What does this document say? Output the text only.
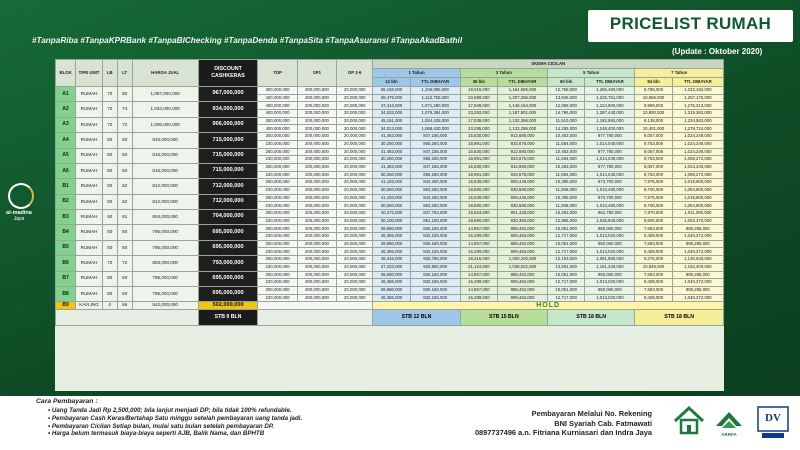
#TanpaRiba #TanpaKPRBank #TanpaBIChecking #TanpaDenda #TanpaSita #TanpaAsuransi #TanpaAkadBathil
PRICELIST RUMAH
(Update : Oktober 2020)
al-madina
Jaya
BLOK	TIPE UNIT	LB	LT	HARGA JUAL	DISCOUNT CASHKERAS	TDP	SP1	DP 2-6	SKEMA CICILAN							
									1 Tahun		3 Tahun		5 Tahun		7 Tahun	
									12 bln	TTL DIBAYAR	36 bln	TTL DIBAYAR	60 bln	TTL DIBAYAR	84 bln	TTL DIBAYAR
A1	RUMAH	70	80	1,067,000,000	967,000,000	300,000,000	200,000,000	20,000,000	55,158,000	1,106,895,000	19,016,000	1,164,585,000	12,758,000	1,265,480,000	9,786,000	1,222,192,000
						400,000,000	200,000,000	20,000,000	39,479,000	1,113,750,000	23,699,000	1,207,266,000	13,946,000	1,226,761,000	10,966,000	1,257,175,000
A2	RUMAH	70	74	1,034,000,000	934,000,000	400,000,000	200,000,000	20,000,000	47,413,000	1,071,280,000	17,949,000	1,146,164,000	12,058,000	1,224,900,000	9,986,000	1,276,313,000
						400,000,000	200,000,000	20,000,000	34,533,000	1,079,384,000	23,292,000	1,187,901,000	14,796,000	1,287,440,000	10,900,000	1,319,383,000
A3	RUMAH	70	72	1,006,000,000	906,000,000	300,000,000	200,000,000	20,000,000	45,191,000	1,054,428,000	17,038,000	1,132,366,000	11,510,000	1,182,592,000	9,138,000	1,234,582,000
						400,000,000	200,000,000	20,000,000	34,013,000	1,068,420,000	23,295,000	1,133,286,000	14,285,000	1,248,400,000	10,401,000	1,278,724,000
A4	RUMAH	50	60	815,000,000	715,000,000	250,000,000	200,000,000	20,000,000	41,463,000	847,156,000	15,630,000	912,680,000	10,463,000	977,780,000	8,057,000	1,024,248,000
						230,000,000	200,000,000	20,000,000	30,260,000	856,260,000	18,991,000	933,676,000	11,584,000	1,014,040,000	9,753,000	1,024,248,000
A5	RUMAH	50	60	815,000,000	715,000,000	250,000,000	200,000,000	20,000,000	41,463,000	847,156,000	15,630,000	912,680,000	10,463,000	977,780,000	8,057,000	1,024,248,000
						230,000,000	200,000,000	20,000,000	30,260,000	856,260,000	18,991,000	933,676,000	11,584,000	1,014,040,000	9,753,000	1,069,272,000
A6	RUMAH	50	60	815,000,000	715,000,000	250,000,000	200,000,000	20,000,000	41,463,000	847,156,000	15,630,000	912,680,000	10,463,000	977,780,000	8,057,000	1,024,248,000
						230,000,000	200,000,000	20,000,000	30,260,000	856,260,000	18,991,000	933,676,000	11,584,000	1,014,040,000	9,753,000	1,069,272,000
B1	RUMAH	50	62	812,000,000	712,000,000	250,000,000	200,000,000	20,000,000	41,193,000	844,260,000	15,539,000	909,446,000	10,395,000	973,700,000	7,975,000	1,019,900,000
						230,000,000	200,000,000	20,000,000	30,060,000	853,260,000	18,880,000	930,680,000	11,508,000	1,010,480,000	9,700,000	1,064,800,000
B2	RUMAH	50	62	812,000,000	712,000,000	250,000,000	200,000,000	20,000,000	41,193,000	844,260,000	15,539,000	909,446,000	10,395,000	973,700,000	7,975,000	1,019,900,000
						230,000,000	200,000,000	20,000,000	30,060,000	853,260,000	18,880,000	930,680,000	11,508,000	1,010,480,000	9,700,000	1,064,800,000
B3	RUMAH	50	61	804,000,000	704,000,000	250,000,000	200,000,000	20,000,000	40,472,000	837,784,000	15,623,000	901,428,000	10,263,000	962,780,000	7,870,000	1,011,080,000
						230,000,000	200,000,000	20,000,000	30,100,000	851,100,000	18,990,000	930,360,000	12,956,000	1,036,940,000	9,600,000	1,053,376,000
B4	RUMAH	50	60	795,000,000	695,000,000	250,000,000	200,000,000	20,000,000	39,680,000	826,160,000	14,957,000	888,452,000	10,051,000	950,060,000	7,683,000	995,286,000
						230,000,000	200,000,000	20,000,000	46,386,000	833,155,000	16,299,000	909,484,000	12,717,000	1,013,020,000	9,408,000	1,040,272,000
B5	RUMAH	50	60	795,000,000	695,000,000	250,000,000	200,000,000	20,000,000	39,680,000	826,160,000	14,957,000	888,452,000	10,051,000	950,060,000	7,683,000	995,286,000
						230,000,000	200,000,000	20,000,000	46,386,000	833,155,000	16,299,000	909,484,000	12,717,000	1,013,020,000	9,408,000	1,040,272,000
B6	RUMAH	70	72	893,000,000	793,000,000	250,000,000	200,000,000	20,000,000	48,416,000	930,780,000	18,216,000	1,000,200,000	12,193,000	1,081,980,000	9,376,000	1,130,640,000
						230,000,000	200,000,000	20,000,000	37,233,000	926,960,000	21,124,000	1,038,022,000	13,501,000	1,181,340,000	10,849,000	1,162,400,000
B7	RUMAH	50	60	795,000,000	695,000,000	250,000,000	200,000,000	20,000,000	39,680,000	826,160,000	14,957,000	888,452,000	10,051,000	950,060,000	7,683,000	995,286,000
						230,000,000	200,000,000	20,000,000	46,386,000	833,155,000	16,299,000	909,484,000	12,717,000	1,013,020,000	9,408,000	1,040,272,000
B8	RUMAH	50	60	795,000,000	695,000,000	250,000,000	200,000,000	20,000,000	39,680,000	826,160,000	14,957,000	888,452,000	10,051,000	950,060,000	7,683,000	995,286,000
						230,000,000	200,000,000	20,000,000	46,386,000	833,155,000	16,299,000	909,484,000	12,717,000	1,013,020,000	9,408,000	1,040,272,000
B9	KAVLING	0	66	542,000,000	502,000,000				HOLD							
					STB 9 BLN				STB 12 BLN		STB 15 BLN		STB 18 BLN		STB 18 BLN	
Cara Pembayaran :
• Uang Tanda Jadi Rp 2,500,000; bila lanjut menjadi DP; bila tidak 100% refundable.
• Pembayaran Cash Keras/Bertahap Satu minggu setelah pembayaran uang tanda jadi.
• Pembayaran Cicilan Setiap bulan, mulai satu bulan setelah pembayaran DP.
• Harga belum termasuk biaya-biaya seperti AJB, Balik Nama, dan BPHTB
Pembayaran Melalui No. Rekening
BNI Syariah Cab. Fatmawati
0897737496 a.n. Fitriana Kurniasari dan Indra Jaya	ARRFA
DV
